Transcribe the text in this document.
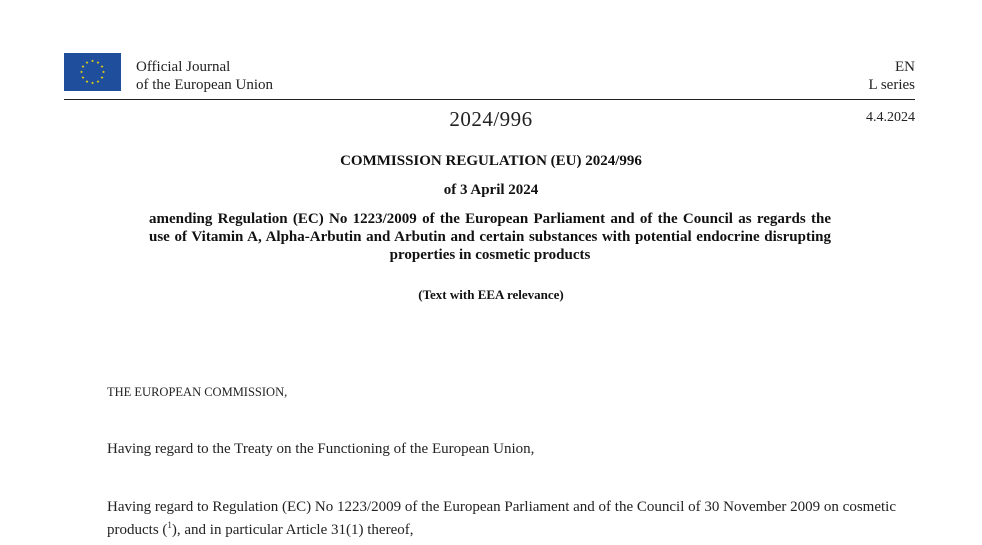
Official Journal
of the European Union
EN
L series
2024/996	4.4.2024
COMMISSION REGULATION (EU) 2024/996
of 3 April 2024
amending Regulation (EC) No 1223/2009 of the European Parliament and of the Council as regards the use of Vitamin A, Alpha-Arbutin and Arbutin and certain substances with potential endocrine disrupting properties in cosmetic products
(Text with EEA relevance)
THE EUROPEAN COMMISSION,
Having regard to the Treaty on the Functioning of the European Union,
Having regard to Regulation (EC) No 1223/2009 of the European Parliament and of the Council of 30 November 2009 on cosmetic products ($^1$), and in particular Article 31(1) thereof,
